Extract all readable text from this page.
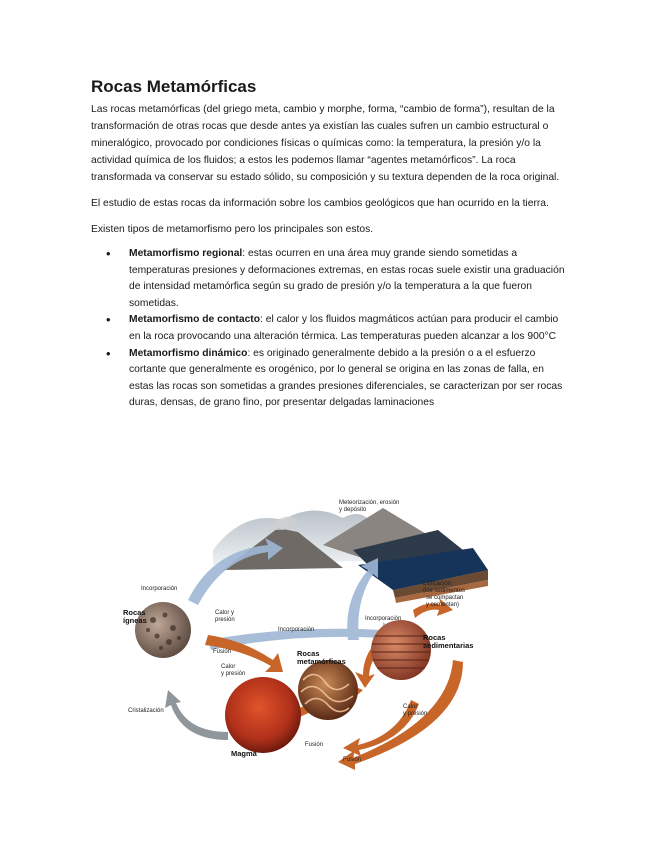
Rocas Metamórficas

Las rocas metamórficas (del griego meta, cambio y morphe, forma, “cambio de forma”), resultan de la transformación de otras rocas que desde antes ya existían las cuales sufren un cambio estructural o mineralógico, provocado por condiciones físicas o químicas como: la temperatura, la presión y/o la actividad química de los fluidos; a estos les podemos llamar “agentes metamórficos”. La roca transformada va conservar su estado sólido, su composición y su textura dependen de la roca original.

El estudio de estas rocas da información sobre los cambios geológicos que han ocurrido en la tierra.

Existen tipos de metamorfismo pero los principales son estos.

• Metamorfismo regional: estas ocurren en una área muy grande siendo sometidas a temperaturas presiones y deformaciones extremas, en estas rocas suele existir una graduación de intensidad metamórfica según su grado de presión y/o la temperatura a la que fueron sometidas.
• Metamorfismo de contacto: el calor y los fluidos magmáticos actúan para producir el cambio en la roca provocando una alteración térmica. Las temperaturas pueden alcanzar a los 900°C
• Metamorfismo dinámico: es originado generalmente debido a la presión o a el esfuerzo cortante que generalmente es orogénico, por lo general se origina en las zonas de falla, en estas las rocas son sometidas a grandes presiones diferenciales, se caracterizan por ser rocas duras, densas, de grano fino, por presentar delgadas laminaciones
Meteorización, erosión
y depósito
Litificación
(los sedimentos
se compactan
y cementan)
Incorporación
Incorporación
Incorporación
Rocas
ígneas
Calor y
presión
Rocas
sedimentarias
Fusión	Rocas
metamórficas
Calor
y presión
Cristalización
Calor
y presión
Magma
Fusión
Fusión
